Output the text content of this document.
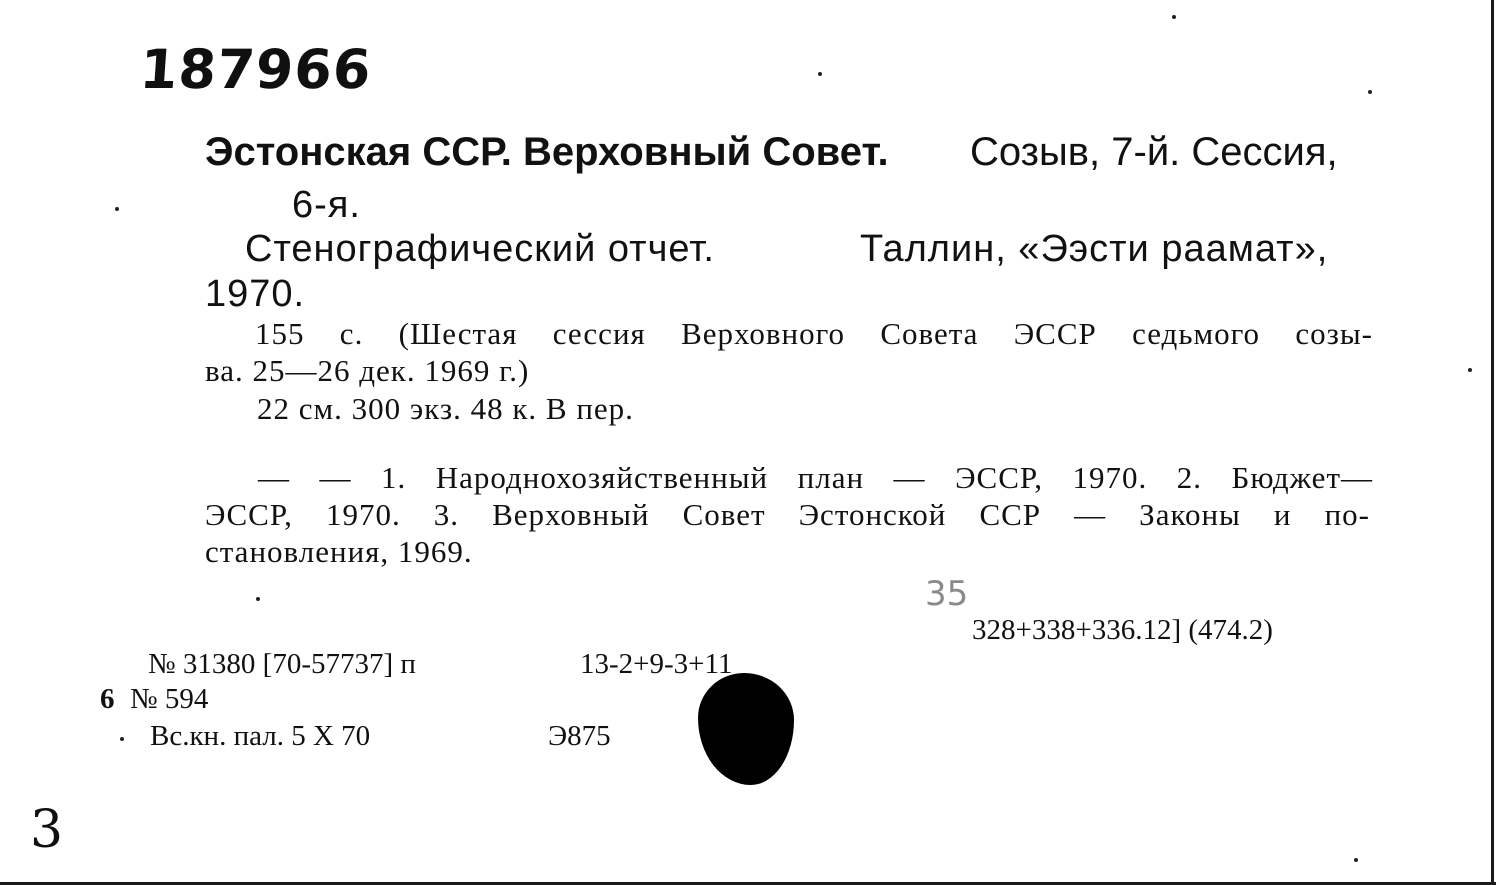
187966
Эстонская ССР. Верховный Совет. Созыв, 7-й. Сессия,
6-я.
Стенографический отчет.	Таллин, «Ээсти раамат»,
1970.
155 с. (Шестая сессия Верховного Совета ЭССР седьмого созы-
ва. 25—26 дек. 1969 г.)
22 см. 300 экз. 48 к. В пер.
— — 1. Народнохозяйственный план — ЭССР, 1970. 2. Бюджет—
ЭССР, 1970. 3. Верховный Совет Эстонской ССР — Законы и по-
становления, 1969.
35
328+338+336.12] (474.2)
№ 31380 [70-57737] п	13-2+9-3+11
6 № 594
Вс.кн. пал. 5 X 70	Э875
3
